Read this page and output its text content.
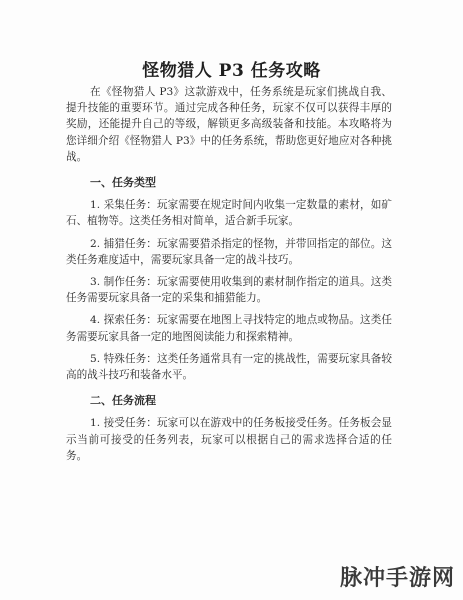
怪物猎人 P3 任务攻略

在《怪物猎人 P3》这款游戏中，任务系统是玩家们挑战自我、提升技能的重要环节。通过完成各种任务，玩家不仅可以获得丰厚的奖励，还能提升自己的等级，解锁更多高级装备和技能。本攻略将为您详细介绍《怪物猎人 P3》中的任务系统，帮助您更好地应对各种挑战。

一、任务类型

1. 采集任务：玩家需要在规定时间内收集一定数量的素材，如矿石、植物等。这类任务相对简单，适合新手玩家。

2. 捕猎任务：玩家需要猎杀指定的怪物，并带回指定的部位。这类任务难度适中，需要玩家具备一定的战斗技巧。

3. 制作任务：玩家需要使用收集到的素材制作指定的道具。这类任务需要玩家具备一定的采集和捕猎能力。

4. 探索任务：玩家需要在地图上寻找特定的地点或物品。这类任务需要玩家具备一定的地图阅读能力和探索精神。

5. 特殊任务：这类任务通常具有一定的挑战性，需要玩家具备较高的战斗技巧和装备水平。

二、任务流程

1. 接受任务：玩家可以在游戏中的任务板接受任务。任务板会显示当前可接受的任务列表，玩家可以根据自己的需求选择合适的任务。

脉冲手游网
